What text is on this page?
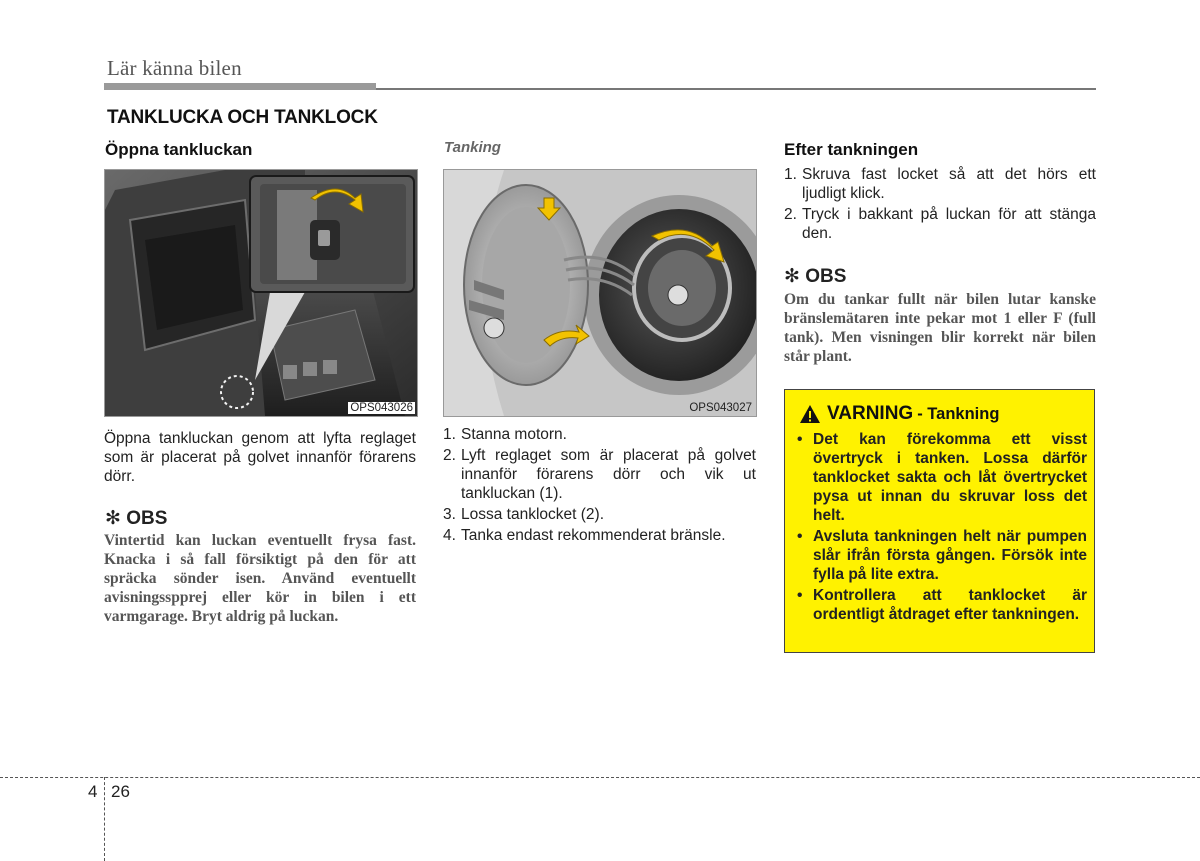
Lär känna bilen
TANKLUCKA OCH TANKLOCK
Öppna tankluckan
OPS043026
Öppna tankluckan genom att lyfta reglaget som är placerat på golvet innanför förarens dörr.
✻ OBS
Vintertid kan luckan eventuellt frysa fast. Knacka i så fall försiktigt på den för att spräcka sönder isen. Använd eventuellt avisningsspprej eller kör in bilen i ett varmgarage. Bryt aldrig på luckan.
Tanking
OPS043027
1. Stanna motorn.
2. Lyft reglaget som är placerat på golvet innanför förarens dörr och vik ut tankluckan (1).
3. Lossa tanklocket (2).
4. Tanka endast rekommenderat bränsle.
Efter tankningen
1. Skruva fast locket så att det hörs ett ljudligt klick.
2. Tryck i bakkant på luckan för att stänga den.
✻ OBS
Om du tankar fullt när bilen lutar kanske bränslemätaren inte pekar mot 1 eller F (full tank). Men visningen blir korrekt när bilen står plant.
VARNING - Tankning
• Det kan förekomma ett visst övertryck i tanken. Lossa därför tanklocket sakta och låt övertrycket pysa ut innan du skruvar loss det helt.
• Avsluta tankningen helt när pumpen slår ifrån första gången. Försök inte fylla på lite extra.
• Kontrollera att tanklocket är ordentligt åtdraget efter tankningen.
4 26
